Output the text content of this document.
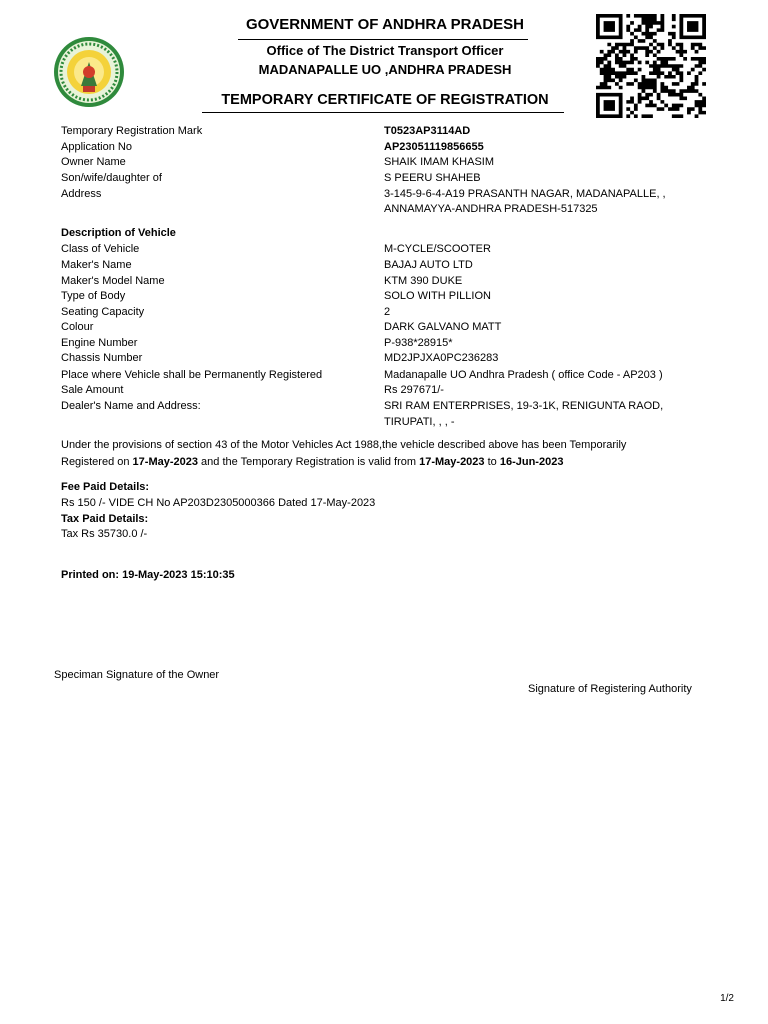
GOVERNMENT OF ANDHRA PRADESH
Office of The District Transport Officer
MADANAPALLE UO ,ANDHRA PRADESH
TEMPORARY CERTIFICATE OF REGISTRATION
Temporary Registration Mark	T0523AP3114AD
Application No	AP23051119856655
Owner Name	SHAIK IMAM KHASIM
Son/wife/daughter of	S PEERU SHAHEB
Address	3-145-9-6-4-A19 PRASANTH NAGAR, MADANAPALLE, ,
ANNAMAYYA-ANDHRA PRADESH-517325
Description of Vehicle
Class of Vehicle	M-CYCLE/SCOOTER
Maker's Name	BAJAJ AUTO LTD
Maker's Model Name	KTM 390 DUKE
Type of Body	SOLO WITH PILLION
Seating Capacity	2
Colour	DARK GALVANO MATT
Engine Number	P-938*28915*
Chassis Number	MD2JPJXA0PC236283
Place where Vehicle shall be Permanently Registered	Madanapalle UO Andhra Pradesh ( office Code - AP203 )
Sale Amount	Rs 297671/-
Dealer's Name and Address:	SRI RAM ENTERPRISES, 19-3-1K, RENIGUNTA RAOD,
TIRUPATI, , , -
Under the provisions of section 43 of the Motor Vehicles Act 1988,the vehicle described above has been Temporarily
Registered on 17-May-2023 and the Temporary Registration is valid from 17-May-2023 to 16-Jun-2023
Fee Paid Details:
Rs 150 /- VIDE CH No AP203D2305000366 Dated 17-May-2023
Tax Paid Details:
Tax Rs 35730.0 /-
Printed on: 19-May-2023 15:10:35
Speciman Signature of the Owner
Signature of Registering Authority
1/2
